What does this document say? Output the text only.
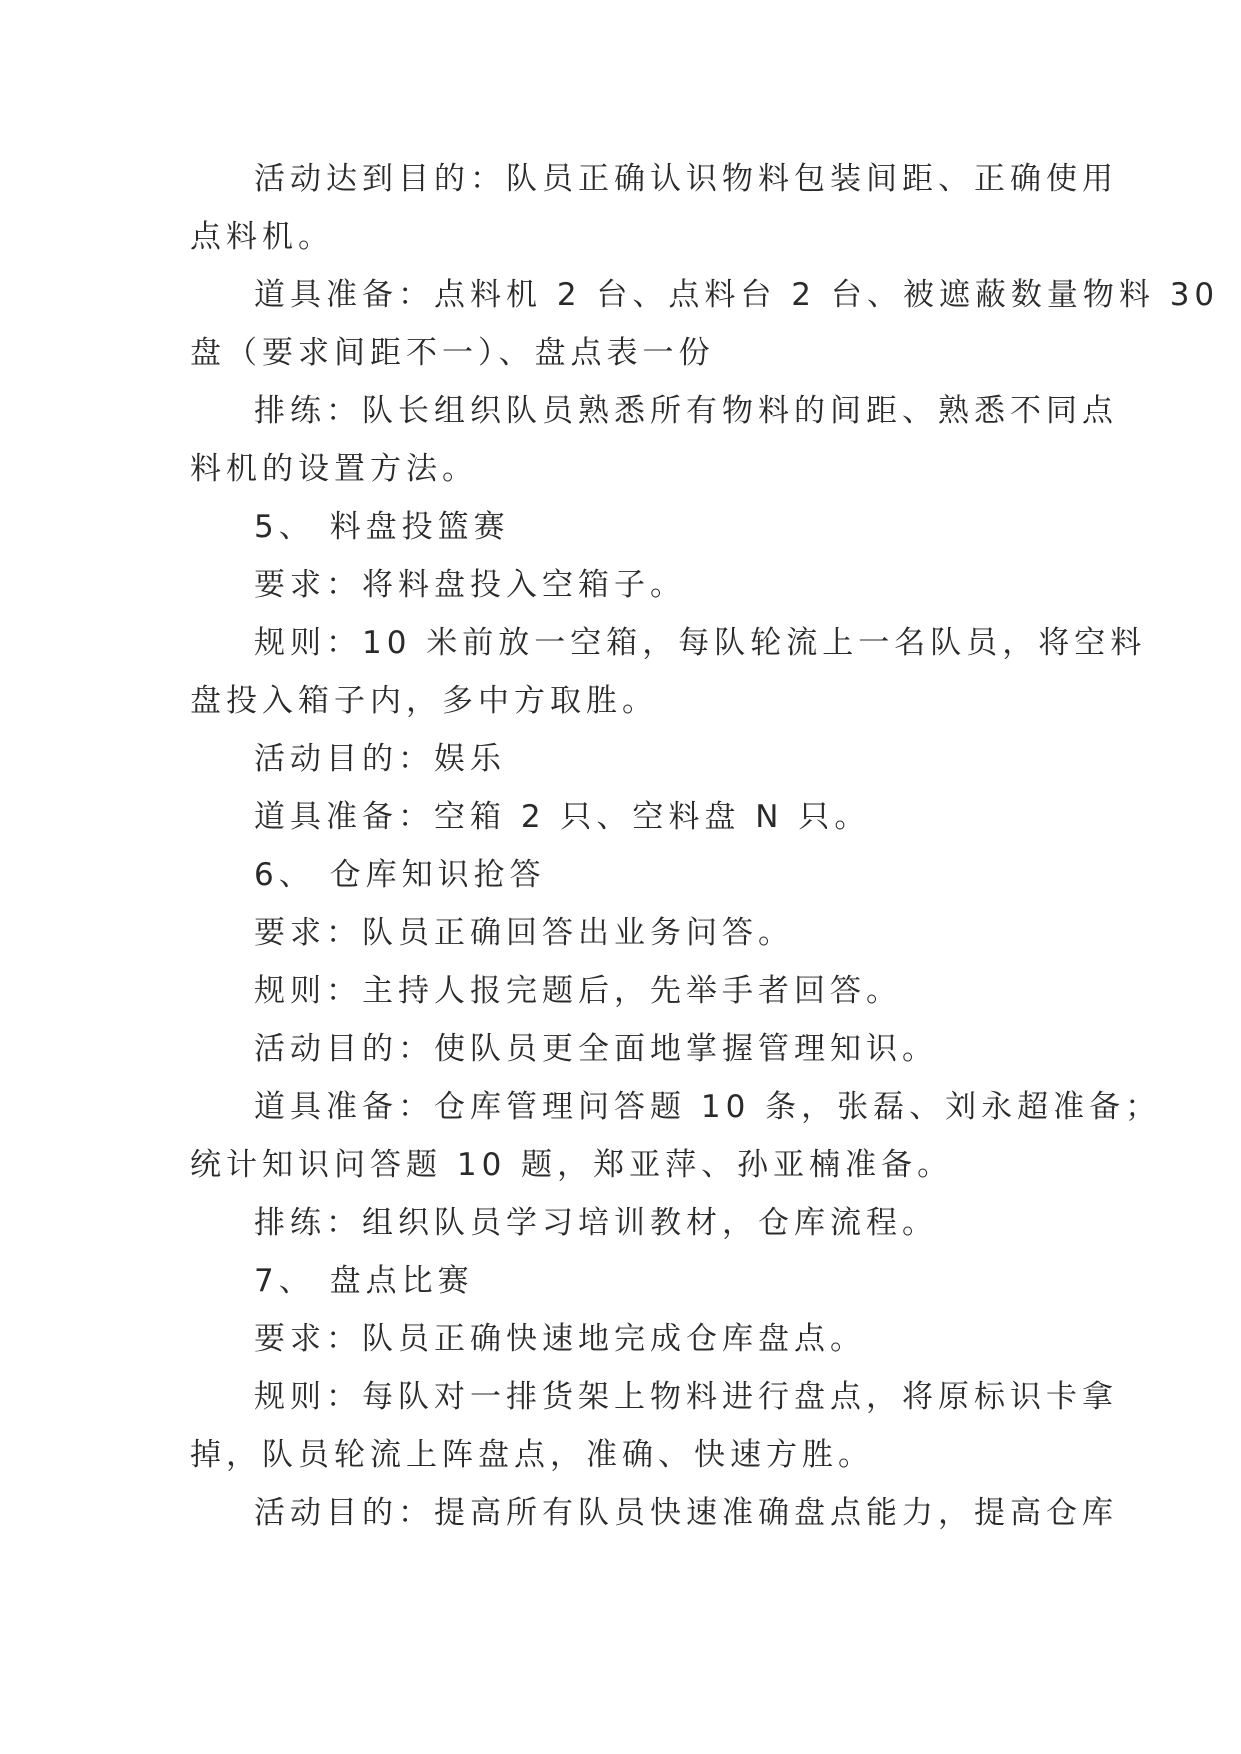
活动达到目的：队员正确认识物料包装间距、正确使用
点料机。
道具准备：点料机 2 台、点料台 2 台、被遮蔽数量物料 30
盘（要求间距不一）、盘点表一份
排练：队长组织队员熟悉所有物料的间距、熟悉不同点
料机的设置方法。
5、 料盘投篮赛
要求：将料盘投入空箱子。
规则：10 米前放一空箱，每队轮流上一名队员，将空料
盘投入箱子内，多中方取胜。
活动目的：娱乐
道具准备：空箱 2 只、空料盘 N 只。
6、 仓库知识抢答
要求：队员正确回答出业务问答。
规则：主持人报完题后，先举手者回答。
活动目的：使队员更全面地掌握管理知识。
道具准备：仓库管理问答题 10 条，张磊、刘永超准备；
统计知识问答题 10 题，郑亚萍、孙亚楠准备。
排练：组织队员学习培训教材，仓库流程。
7、 盘点比赛
要求：队员正确快速地完成仓库盘点。
规则：每队对一排货架上物料进行盘点，将原标识卡拿
掉，队员轮流上阵盘点，准确、快速方胜。
活动目的：提高所有队员快速准确盘点能力，提高仓库
